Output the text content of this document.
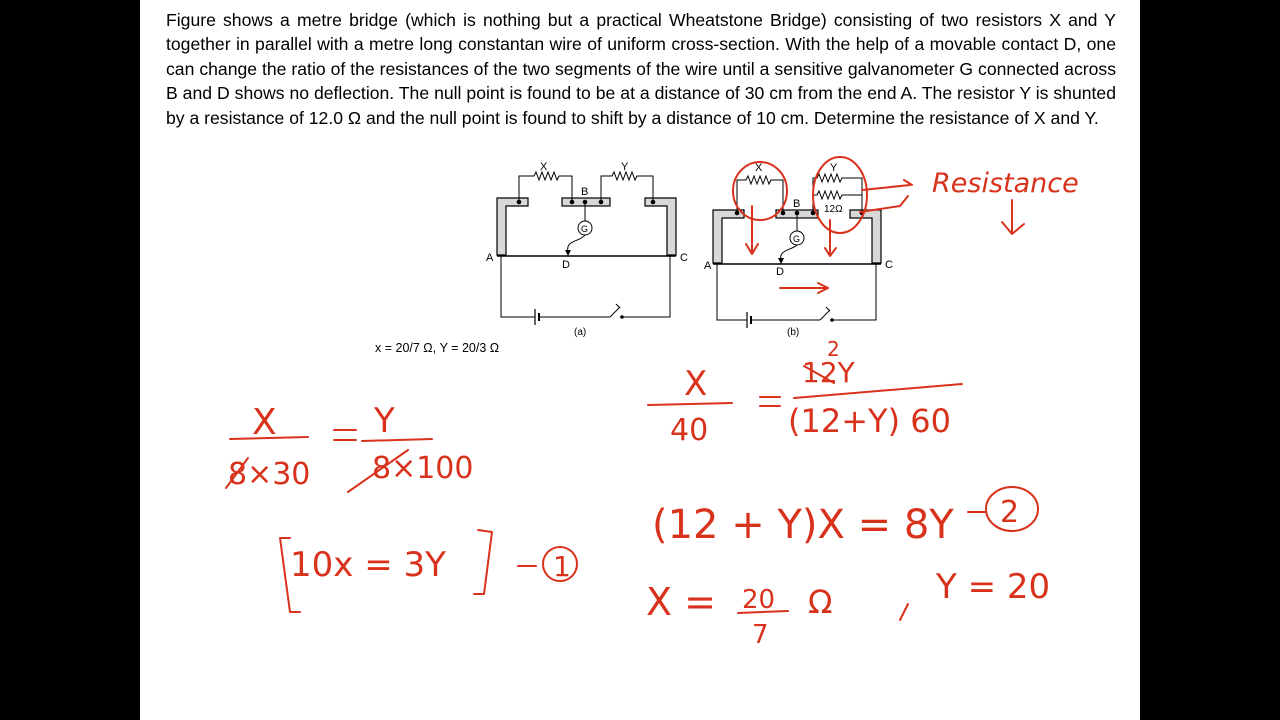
Figure shows a metre bridge (which is nothing but a practical Wheatstone Bridge) consisting of two resistors X and Y together in parallel with a metre long constantan wire of uniform cross-section. With the help of a movable contact D, one can change the ratio of the resistances of the two segments of the wire until a sensitive galvanometer G connected across B and D shows no deflection. The null point is found to be at a distance of 30 cm from the end A. The resistor Y is shunted by a resistance of 12.0 Ω and the null point is found to shift by a distance of 10 cm. Determine the resistance of X and Y.

X	Y
B
G
A	C
D
(a)
X	Y
B
G
12Ω
A	C
D
(b)
Resistance
X
8×30
Y
8×100
10x = 3Y	1
X
40
2
12Y
(12+Y) 60
(12 + Y)X = 8Y 2
X = 20
7
Ω	Y = 20

x = 20/7 Ω, Y = 20/3 Ω
